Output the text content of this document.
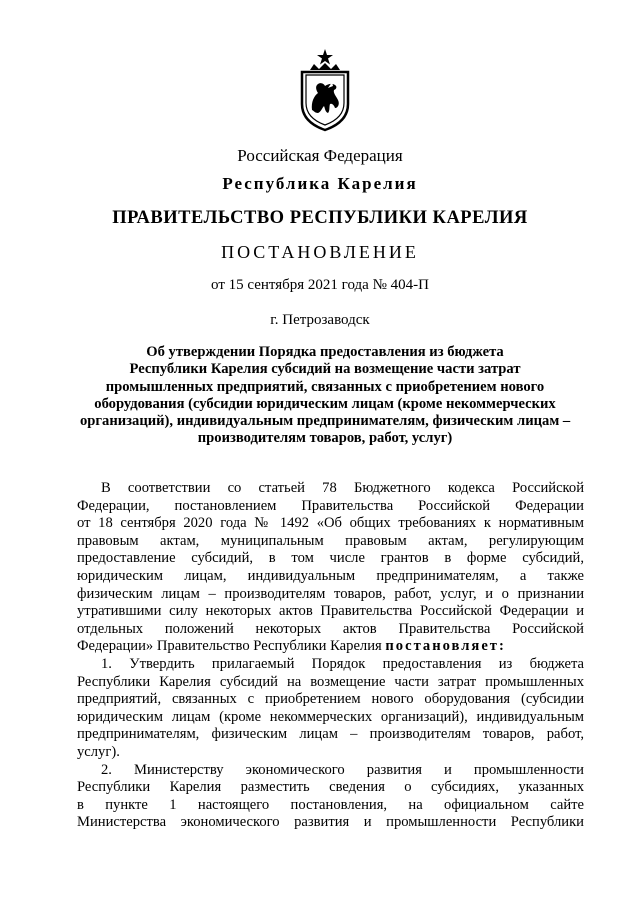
Российская Федерация
Республика Карелия
ПРАВИТЕЛЬСТВО РЕСПУБЛИКИ КАРЕЛИЯ
ПОСТАНОВЛЕНИЕ
от 15 сентября 2021 года № 404-П
г. Петрозаводск
Об утверждении Порядка предоставления из бюджета
Республики Карелия субсидий на возмещение части затрат
промышленных предприятий, связанных с приобретением нового
оборудования (субсидии юридическим лицам (кроме некоммерческих
организаций), индивидуальным предпринимателям, физическим лицам –
производителям товаров, работ, услуг)
В соответствии со статьей 78 Бюджетного кодекса Российской
Федерации, постановлением Правительства Российской Федерации
от 18 сентября 2020 года № 1492 «Об общих требованиях к нормативным
правовым актам, муниципальным правовым актам, регулирующим
предоставление субсидий, в том числе грантов в форме субсидий,
юридическим лицам, индивидуальным предпринимателям, а также
физическим лицам – производителям товаров, работ, услуг, и о признании
утратившими силу некоторых актов Правительства Российской Федерации и
отдельных положений некоторых актов Правительства Российской
Федерации» Правительство Республики Карелия постановляет:
1. Утвердить прилагаемый Порядок предоставления из бюджета
Республики Карелия субсидий на возмещение части затрат промышленных
предприятий, связанных с приобретением нового оборудования (субсидии
юридическим лицам (кроме некоммерческих организаций), индивидуальным
предпринимателям, физическим лицам – производителям товаров, работ,
услуг).
2. Министерству экономического развития и промышленности
Республики Карелия разместить сведения о субсидиях, указанных
в пункте 1 настоящего постановления, на официальном сайте
Министерства экономического развития и промышленности Республики
